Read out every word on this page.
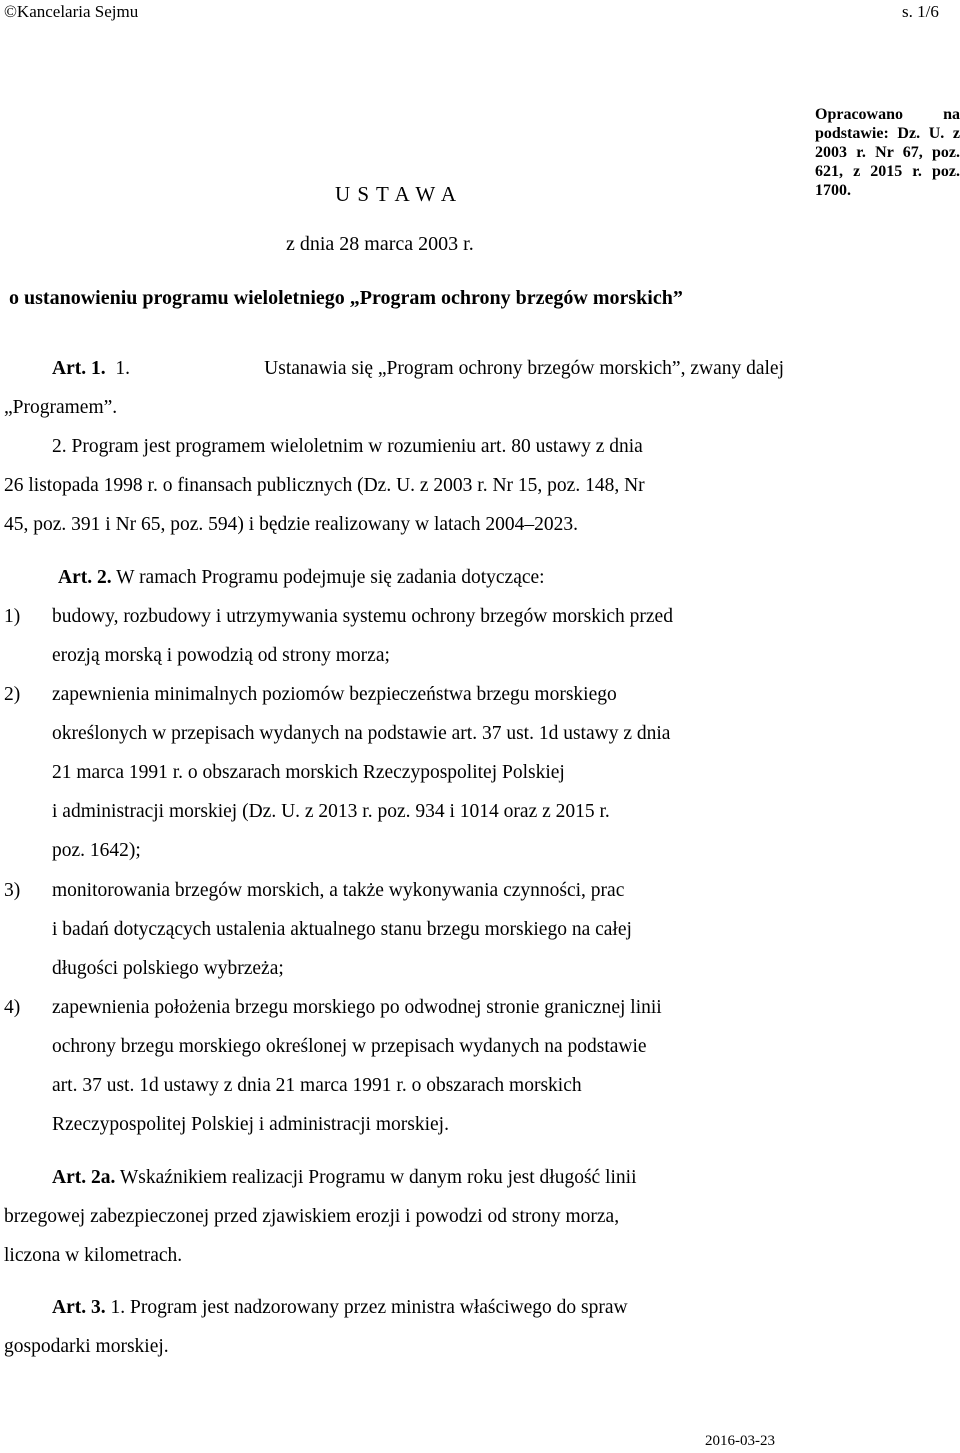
©Kancelaria Sejmu	s. 1/6
Opracowano na podstawie: Dz. U. z 2003 r. Nr 67, poz. 621, z 2015 r. poz. 1700.
U S T A W A
z dnia 28 marca 2003 r.
o ustanowieniu programu wieloletniego „Program ochrony brzegów morskich”
Art. 1. 1.	Ustanawia się „Program ochrony brzegów morskich”, zwany dalej
„Programem”.
2. Program jest programem wieloletnim w rozumieniu art. 80 ustawy z dnia
26 listopada 1998 r. o finansach publicznych (Dz. U. z 2003 r. Nr 15, poz. 148, Nr
45, poz. 391 i Nr 65, poz. 594) i będzie realizowany w latach 2004–2023.
Art. 2. W ramach Programu podejmuje się zadania dotyczące:
1) budowy, rozbudowy i utrzymywania systemu ochrony brzegów morskich przed
erozją morską i powodzią od strony morza;
2) zapewnienia minimalnych poziomów bezpieczeństwa brzegu morskiego
określonych w przepisach wydanych na podstawie art. 37 ust. 1d ustawy z dnia
21 marca 1991 r. o obszarach morskich Rzeczypospolitej Polskiej
i administracji morskiej (Dz. U. z 2013 r. poz. 934 i 1014 oraz z 2015 r.
poz. 1642);
3) monitorowania brzegów morskich, a także wykonywania czynności, prac
i badań dotyczących ustalenia aktualnego stanu brzegu morskiego na całej
długości polskiego wybrzeża;
4) zapewnienia położenia brzegu morskiego po odwodnej stronie granicznej linii
ochrony brzegu morskiego określonej w przepisach wydanych na podstawie
art. 37 ust. 1d ustawy z dnia 21 marca 1991 r. o obszarach morskich
Rzeczypospolitej Polskiej i administracji morskiej.
Art. 2a. Wskaźnikiem realizacji Programu w danym roku jest długość linii
brzegowej zabezpieczonej przed zjawiskiem erozji i powodzi od strony morza,
liczona w kilometrach.
Art. 3. 1. Program jest nadzorowany przez ministra właściwego do spraw
gospodarki morskiej.
2016-03-23
